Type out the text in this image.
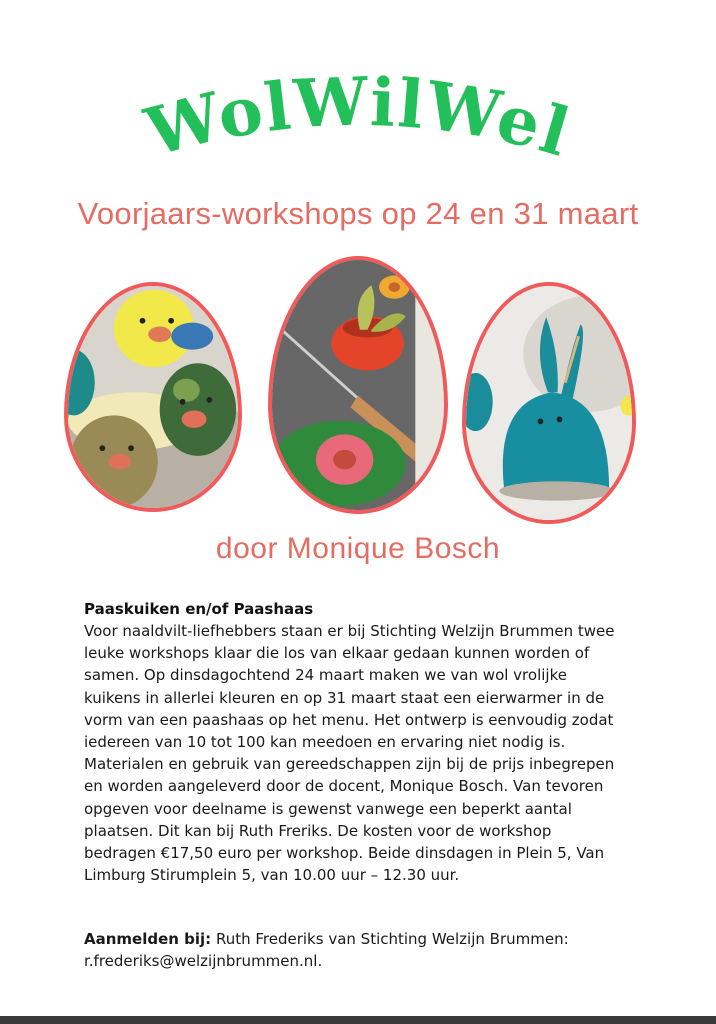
WolWilWel
Voorjaars-workshops op 24 en 31 maart
door Monique Bosch
Paaskuiken en/of Paashaas

Voor naaldvilt-liefhebbers staan er bij Stichting Welzijn Brummen twee

leuke workshops klaar die los van elkaar gedaan kunnen worden of

samen. Op dinsdagochtend 24 maart maken we van wol vrolijke

kuikens in allerlei kleuren en op 31 maart staat een eierwarmer in de

vorm van een paashaas op het menu. Het ontwerp is eenvoudig zodat

iedereen van 10 tot 100 kan meedoen en ervaring niet nodig is.

Materialen en gebruik van gereedschappen zijn bij de prijs inbegrepen

en worden aangeleverd door de docent, Monique Bosch. Van tevoren

opgeven voor deelname is gewenst vanwege een beperkt aantal

plaatsen. Dit kan bij Ruth Freriks. De kosten voor de workshop

bedragen €17,50 euro per workshop. Beide dinsdagen in Plein 5, Van

Limburg Stirumplein 5, van 10.00 uur – 12.30 uur.

Aanmelden bij: Ruth Frederiks van Stichting Welzijn Brummen:

r.frederiks@welzijnbrummen.nl.
